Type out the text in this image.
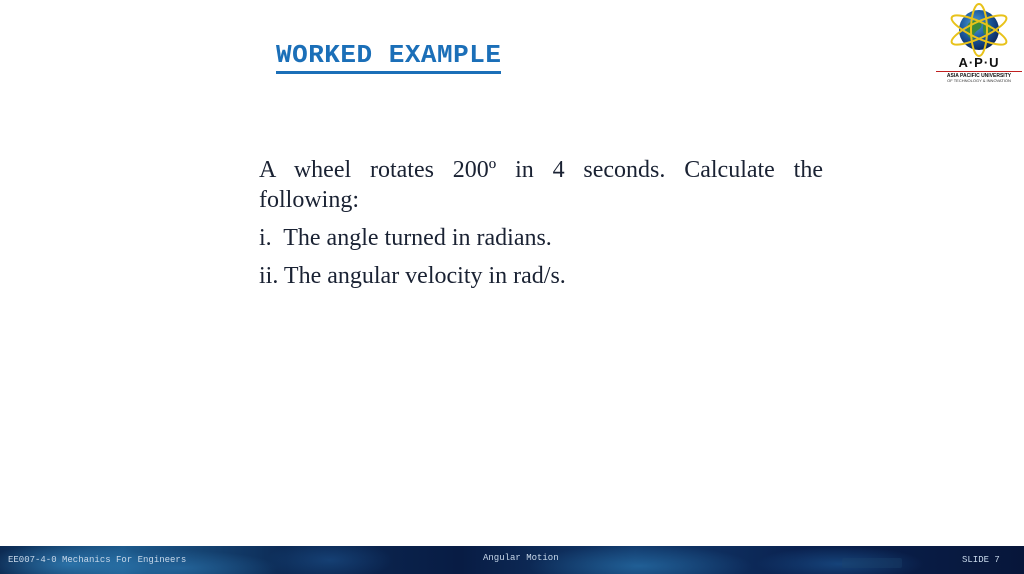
WORKED EXAMPLE	A·P·U
ASIA PACIFIC UNIVERSITY
OF TECHNOLOGY & INNOVATION

A wheel rotates 200º in 4 seconds. Calculate the following:

i.  The angle turned in radians.
ii. The angular velocity in rad/s.
EE007-4-0 Mechanics For Engineers	Angular Motion	SLIDE 7
